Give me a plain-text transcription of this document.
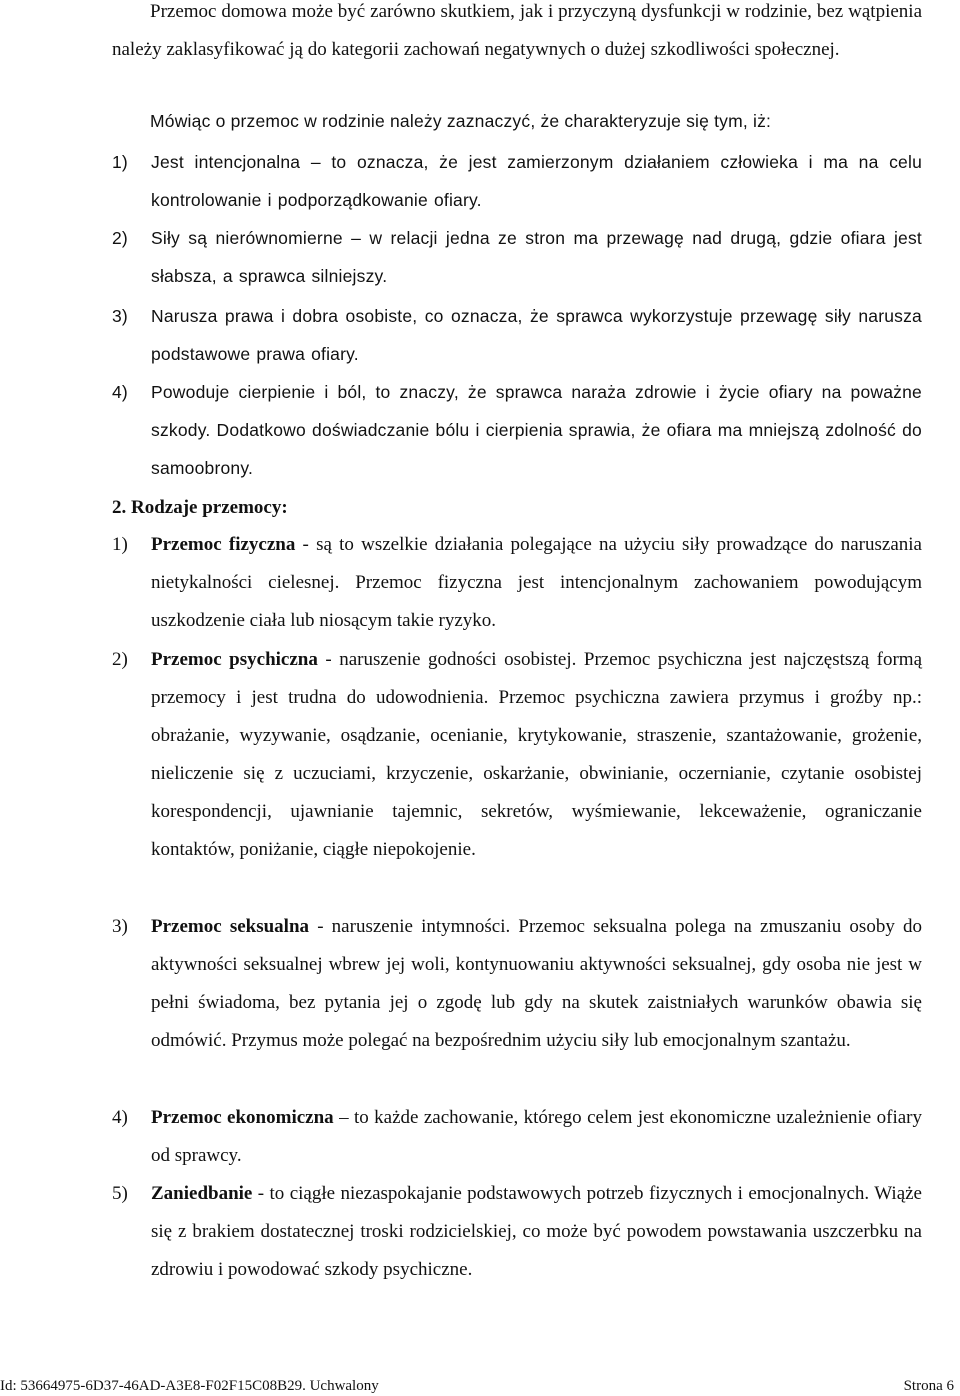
Przemoc domowa może być zarówno skutkiem, jak i przyczyną dysfunkcji w rodzinie, bez wątpienia należy zaklasyfikować ją do kategorii zachowań negatywnych o dużej szkodliwości społecznej.

Mówiąc o przemoc w rodzinie należy zaznaczyć, że charakteryzuje się tym, iż:

1)	Jest intencjonalna – to oznacza, że jest zamierzonym działaniem człowieka i ma na celu kontrolowanie i podporządkowanie ofiary.
2)	Siły są nierównomierne – w relacji jedna ze stron ma przewagę nad drugą, gdzie ofiara jest słabsza, a sprawca silniejszy.
3)	Narusza prawa i dobra osobiste, co oznacza, że sprawca wykorzystuje przewagę siły narusza podstawowe prawa ofiary.
4)	Powoduje cierpienie i ból, to znaczy, że sprawca naraża zdrowie i życie ofiary na poważne szkody. Dodatkowo doświadczanie bólu i cierpienia sprawia, że ofiara ma mniejszą zdolność do samoobrony.

2. Rodzaje przemocy:

1)	Przemoc fizyczna - są to wszelkie działania polegające na użyciu siły prowadzące do naruszania nietykalności cielesnej. Przemoc fizyczna jest intencjonalnym zachowaniem powodującym uszkodzenie ciała lub niosącym takie ryzyko.
2)	Przemoc psychiczna - naruszenie godności osobistej. Przemoc psychiczna jest najczęstszą formą przemocy i jest trudna do udowodnienia. Przemoc psychiczna zawiera przymus i groźby np.: obrażanie, wyzywanie, osądzanie, ocenianie, krytykowanie, straszenie, szantażowanie, grożenie, nieliczenie się z uczuciami, krzyczenie, oskarżanie, obwinianie, oczernianie, czytanie osobistej korespondencji, ujawnianie tajemnic, sekretów, wyśmiewanie, lekceważenie, ograniczanie kontaktów, poniżanie, ciągłe niepokojenie.
3)	Przemoc seksualna - naruszenie intymności. Przemoc seksualna polega na zmuszaniu osoby do aktywności seksualnej wbrew jej woli, kontynuowaniu aktywności seksualnej, gdy osoba nie jest w pełni świadoma, bez pytania jej o zgodę lub gdy na skutek zaistniałych warunków obawia się odmówić. Przymus może polegać na bezpośrednim użyciu siły lub emocjonalnym szantażu.
4)	Przemoc ekonomiczna – to każde zachowanie, którego celem jest ekonomiczne uzależnienie ofiary od sprawcy.
5)	Zaniedbanie - to ciągłe niezaspokajanie podstawowych potrzeb fizycznych i emocjonalnych. Wiąże się z brakiem dostatecznej troski rodzicielskiej, co może być powodem powstawania uszczerbku na zdrowiu i powodować szkody psychiczne.
Id: 53664975-6D37-46AD-A3E8-F02F15C08B29. Uchwalony	Strona 6
